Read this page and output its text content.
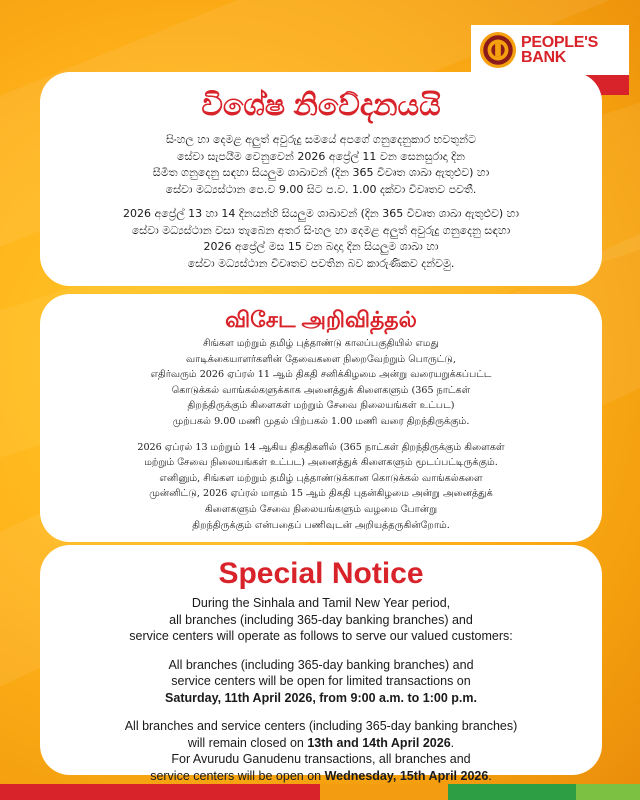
PEOPLE'S
BANK
විශේෂ නිවේදනයයි
සිංහල හා දෙමළ අලුත් අවුරුදු සමයේ අපගේ ගනුදෙනුකාර භවතුන්ට
සේවා සැපයීම වෙනුවෙන් 2026 අප්‍රේල් 11 වන සෙනසුරාදා දින
සීමිත ගනුදෙනු සඳහා සියලුම ශාඛාවන් (දින 365 විවෘත ශාඛා ඇතුළුව) හා
සේවා මධ්‍යස්ථාන පෙ.ව 9.00 සිට ප.ව. 1.00 දක්වා විවෘතව පවතී.
2026 අප්‍රේල් 13 හා 14 දිනයන්හි සියලුම ශාඛාවන් (දින 365 විවෘත ශාඛා ඇතුළුව) හා
සේවා මධ්‍යස්ථාන වසා තැබෙන අතර සිංහල හා දෙමළ අලුත් අවුරුදු ගනුදෙනු සඳහා
2026 අප්‍රේල් මස 15 වන බදාදා දින සියලුම ශාඛා හා
සේවා මධ්‍යස්ථාන විවෘතව පවතින බව කාරුණිකව දන්වමු.
விசேட அறிவித்தல்
சிங்கள மற்றும் தமிழ் புத்தாண்டு காலப்பகுதியில் எமது
வாடிக்கையாளர்களின் தேவைகளை நிறைவேற்றும் பொருட்டு,
எதிர்வரும் 2026 ஏப்ரல் 11 ஆம் திகதி சனிக்கிழமை அன்று வரையறுக்கப்பட்ட
கொடுக்கல் வாங்கல்களுக்காக அனைத்துக் கிளைகளும் (365 நாட்கள்
திறந்திருக்கும் கிளைகள் மற்றும் சேவை நிலையங்கள் உட்பட)
முற்பகல் 9.00 மணி முதல் பிற்பகல் 1.00 மணி வரை திறந்திருக்கும்.
2026 ஏப்ரல் 13 மற்றும் 14 ஆகிய திகதிகளில் (365 நாட்கள் திறந்திருக்கும் கிளைகள்
மற்றும் சேவை நிலையங்கள் உட்பட) அனைத்துக் கிளைகளும் மூடப்பட்டிருக்கும்.
எனினும், சிங்கள மற்றும் தமிழ் புத்தாண்டுக்கான கொடுக்கல் வாங்கல்களை
முன்னிட்டு, 2026 ஏப்ரல் மாதம் 15 ஆம் திகதி புதன்கிழமை அன்று அனைத்துக்
கிளைகளும் சேவை நிலையங்களும் வழமை போன்று
திறந்திருக்கும் என்பதைப் பணிவுடன் அறியத்தருகின்றோம்.
Special Notice
During the Sinhala and Tamil New Year period,
all branches (including 365-day banking branches) and
service centers will operate as follows to serve our valued customers:
All branches (including 365-day banking branches) and
service centers will be open for limited transactions on
Saturday, 11th April 2026, from 9:00 a.m. to 1:00 p.m.
All branches and service centers (including 365-day banking branches)
will remain closed on 13th and 14th April 2026.
For Avurudu Ganudenu transactions, all branches and
service centers will be open on Wednesday, 15th April 2026.
